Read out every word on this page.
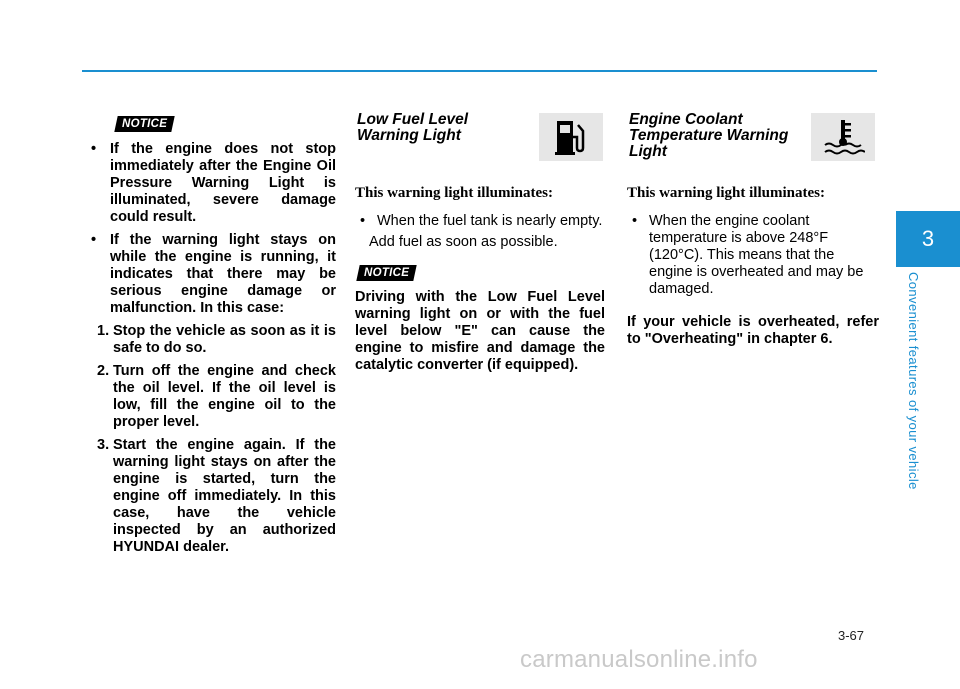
3
Convenient features of your vehicle
NOTICE

• If the engine does not stop immediately after the Engine Oil Pressure Warning Light is illuminated, severe damage could result.

• If the warning light stays on while the engine is running, it indicates that there may be serious engine damage or malfunction. In this case:

1. Stop the vehicle as soon as it is safe to do so.

2. Turn off the engine and check the oil level. If the oil level is low, fill the engine oil to the proper level.

3. Start the engine again. If the warning light stays on after the engine is started, turn the engine off immediately. In this case, have the vehicle inspected by an authorized HYUNDAI dealer.

Low Fuel Level

Warning Light

This warning light illuminates:

• When the fuel tank is nearly empty.

Add fuel as soon as possible.

NOTICE

Driving with the Low Fuel Level warning light on or with the fuel level below "E" can cause the engine to misfire and damage the catalytic converter (if equipped).

Engine Coolant

Temperature Warning

Light

This warning light illuminates:

• When the engine coolant temperature is above 248°F (120°C). This means that the engine is overheated and may be damaged.

If your vehicle is overheated, refer to "Overheating" in chapter 6.

3-67
carmanualsonline.info
